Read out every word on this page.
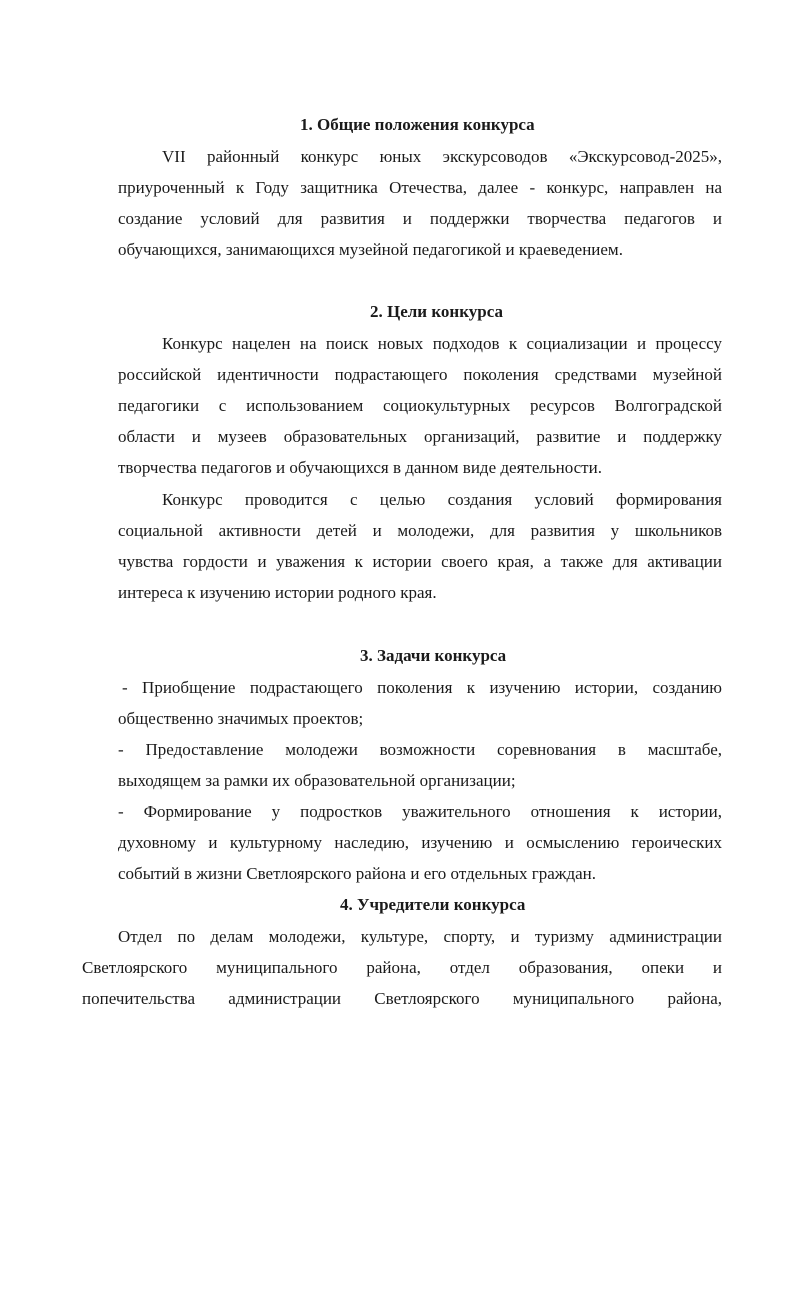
1. Общие положения конкурса
VII районный конкурс юных экскурсоводов «Экскурсовод-2025»,
приуроченный к Году защитника Отечества, далее - конкурс, направлен на
создание условий для развития и поддержки творчества педагогов и
обучающихся, занимающихся музейной педагогикой и краеведением.
2. Цели конкурса
Конкурс нацелен на поиск новых подходов к социализации и процессу
российской идентичности подрастающего поколения средствами музейной
педагогики с использованием социокультурных ресурсов Волгоградской
области и музеев образовательных организаций, развитие и поддержку
творчества педагогов и обучающихся в данном виде деятельности.
Конкурс проводится с целью создания условий формирования
социальной активности детей и молодежи, для развития у школьников
чувства гордости и уважения к истории своего края, а также для активации
интереса к изучению истории родного края.
3. Задачи конкурса
- Приобщение подрастающего поколения к изучению истории, созданию
общественно значимых проектов;
- Предоставление молодежи возможности соревнования в масштабе,
выходящем за рамки их образовательной организации;
- Формирование у подростков уважительного отношения к истории,
духовному и культурному наследию, изучению и осмыслению героических
событий в жизни Светлоярского района и его отдельных граждан.
4. Учредители конкурса
Отдел по делам молодежи, культуре, спорту, и туризму администрации
Светлоярского муниципального района, отдел образования, опеки и
попечительства администрации Светлоярского муниципального района,
